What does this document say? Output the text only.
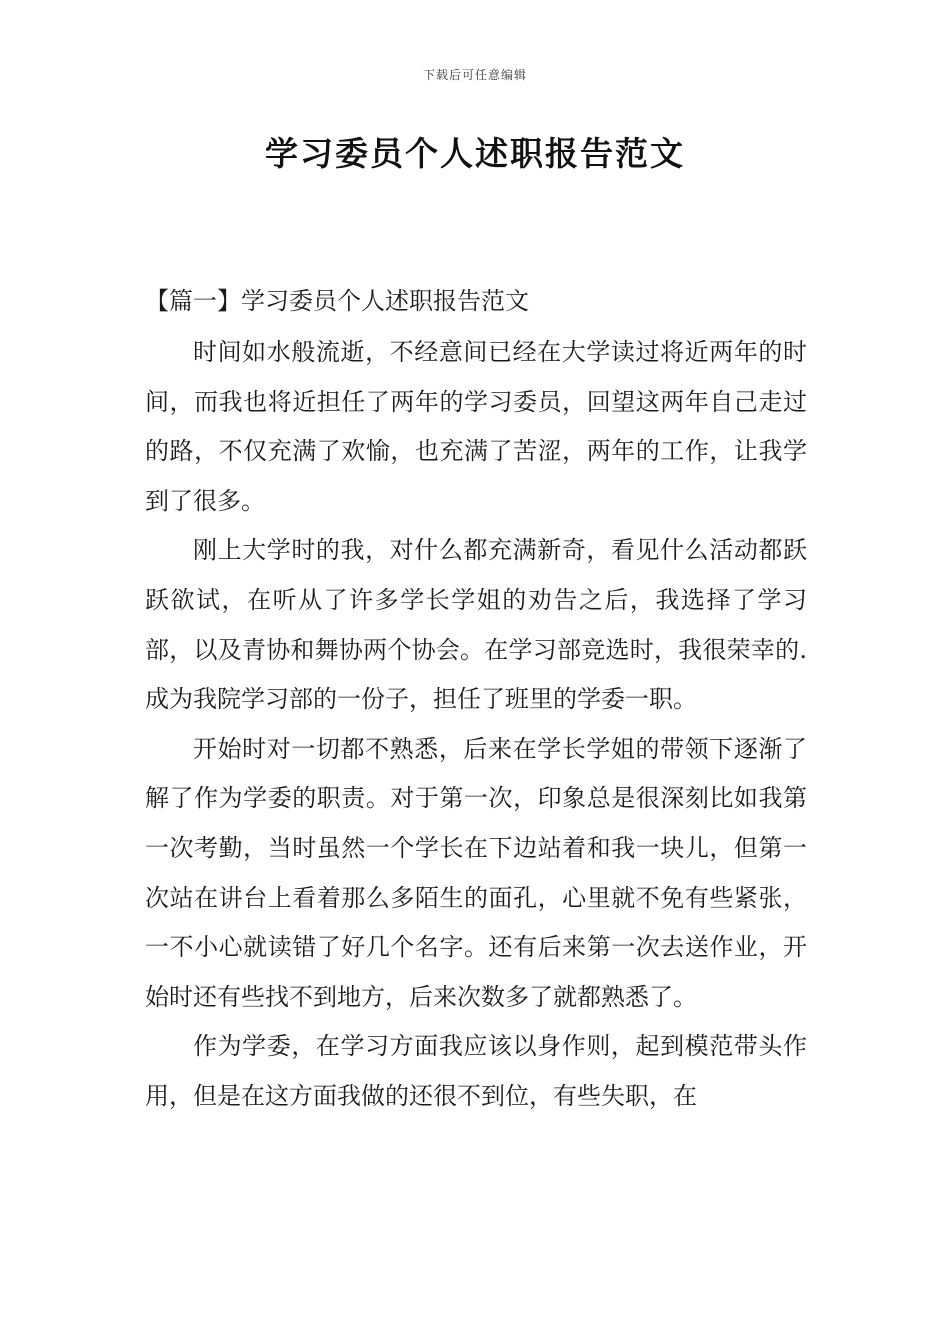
下载后可任意编辑
学习委员个人述职报告范文

【篇一】学习委员个人述职报告范文

时间如水般流逝，不经意间已经在大学读过将近两年的时间，而我也将近担任了两年的学习委员，回望这两年自己走过的路，不仅充满了欢愉，也充满了苦涩，两年的工作，让我学到了很多。

刚上大学时的我，对什么都充满新奇，看见什么活动都跃跃欲试，在听从了许多学长学姐的劝告之后，我选择了学习部，以及青协和舞协两个协会。在学习部竞选时，我很荣幸的.成为我院学习部的一份子，担任了班里的学委一职。

开始时对一切都不熟悉，后来在学长学姐的带领下逐渐了解了作为学委的职责。对于第一次，印象总是很深刻比如我第一次考勤，当时虽然一个学长在下边站着和我一块儿，但第一次站在讲台上看着那么多陌生的面孔，心里就不免有些紧张，一不小心就读错了好几个名字。还有后来第一次去送作业，开始时还有些找不到地方，后来次数多了就都熟悉了。

作为学委，在学习方面我应该以身作则，起到模范带头作用，但是在这方面我做的还很不到位，有些失职，在
